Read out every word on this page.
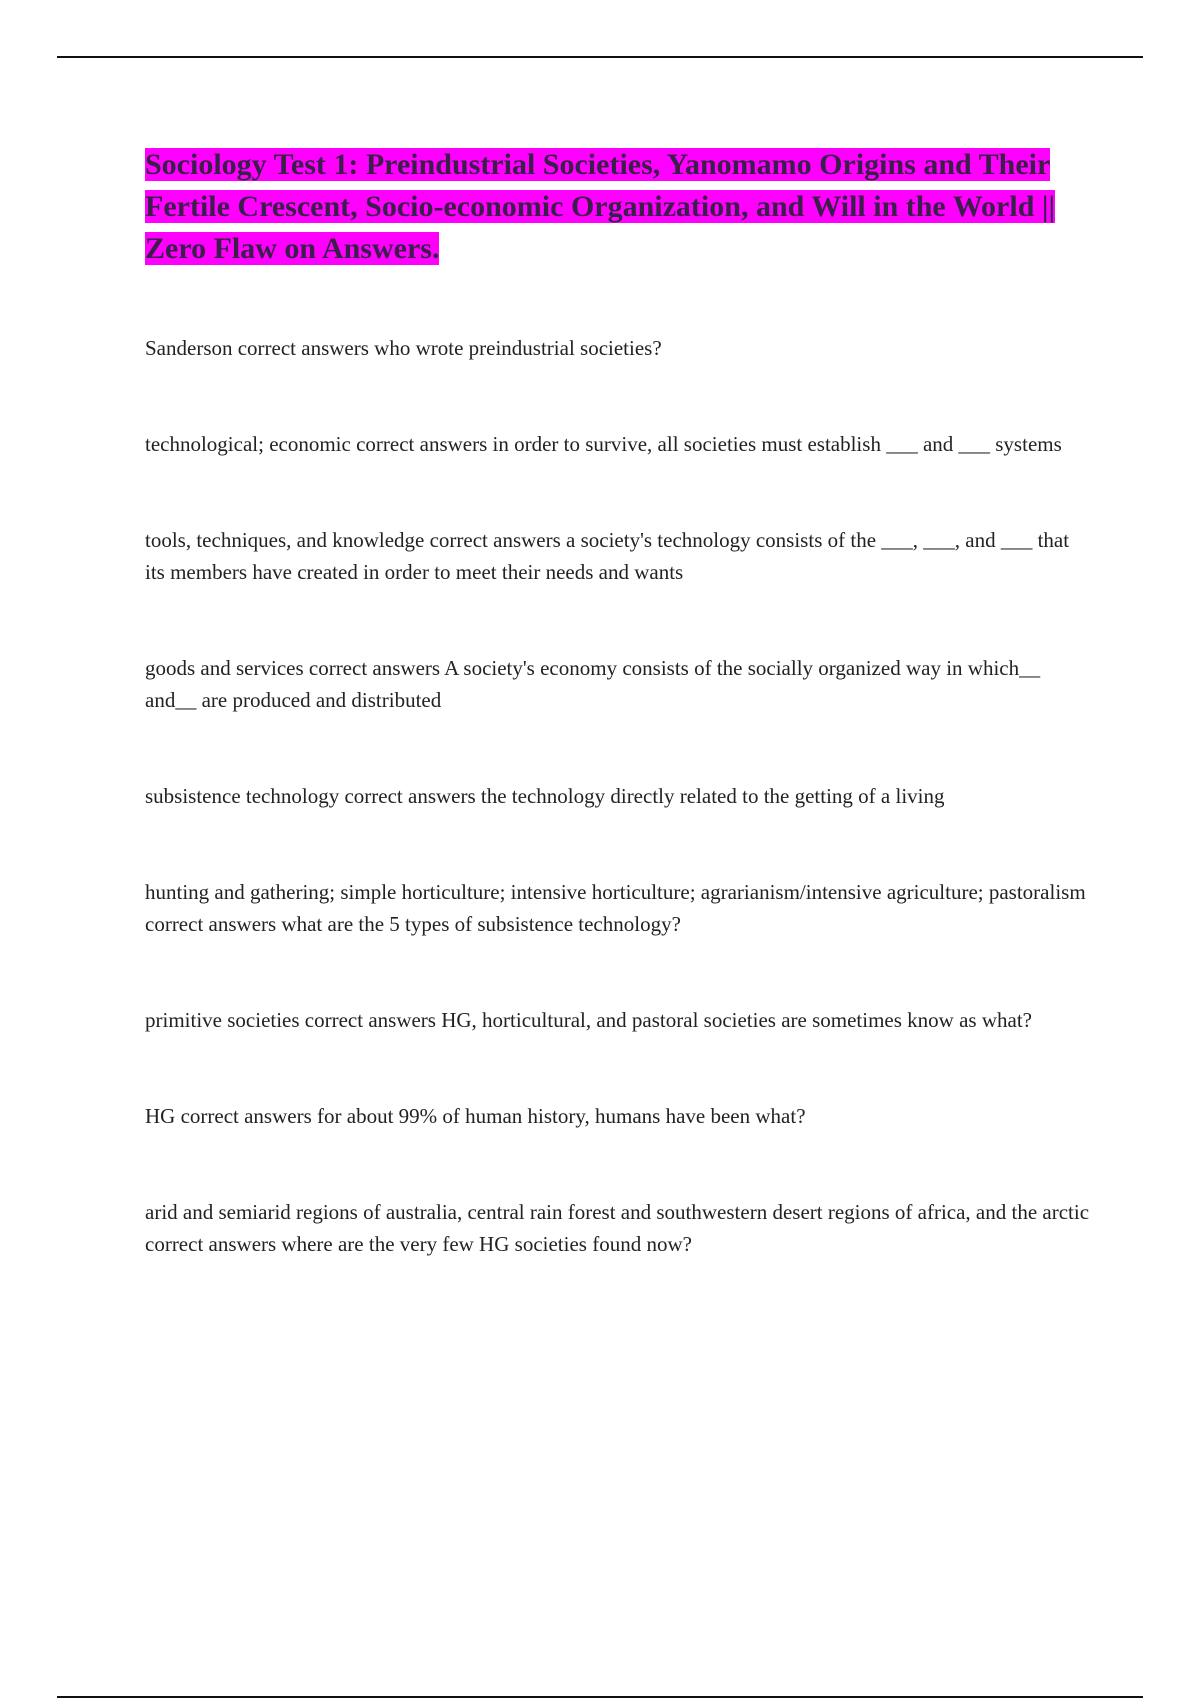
Sociology Test 1: Preindustrial Societies, Yanomamo Origins and Their Fertile Crescent, Socio-economic Organization, and Will in the World || Zero Flaw on Answers.

Sanderson correct answers who wrote preindustrial societies?

technological; economic correct answers in order to survive, all societies must establish ___ and ___ systems

tools, techniques, and knowledge correct answers a society's technology consists of the ___, ___, and ___ that its members have created in order to meet their needs and wants

goods and services correct answers A society's economy consists of the socially organized way in which__ and__ are produced and distributed

subsistence technology correct answers the technology directly related to the getting of a living

hunting and gathering; simple horticulture; intensive horticulture; agrarianism/intensive agriculture; pastoralism correct answers what are the 5 types of subsistence technology?

primitive societies correct answers HG, horticultural, and pastoral societies are sometimes know as what?

HG correct answers for about 99% of human history, humans have been what?

arid and semiarid regions of australia, central rain forest and southwestern desert regions of africa, and the arctic correct answers where are the very few HG societies found now?
